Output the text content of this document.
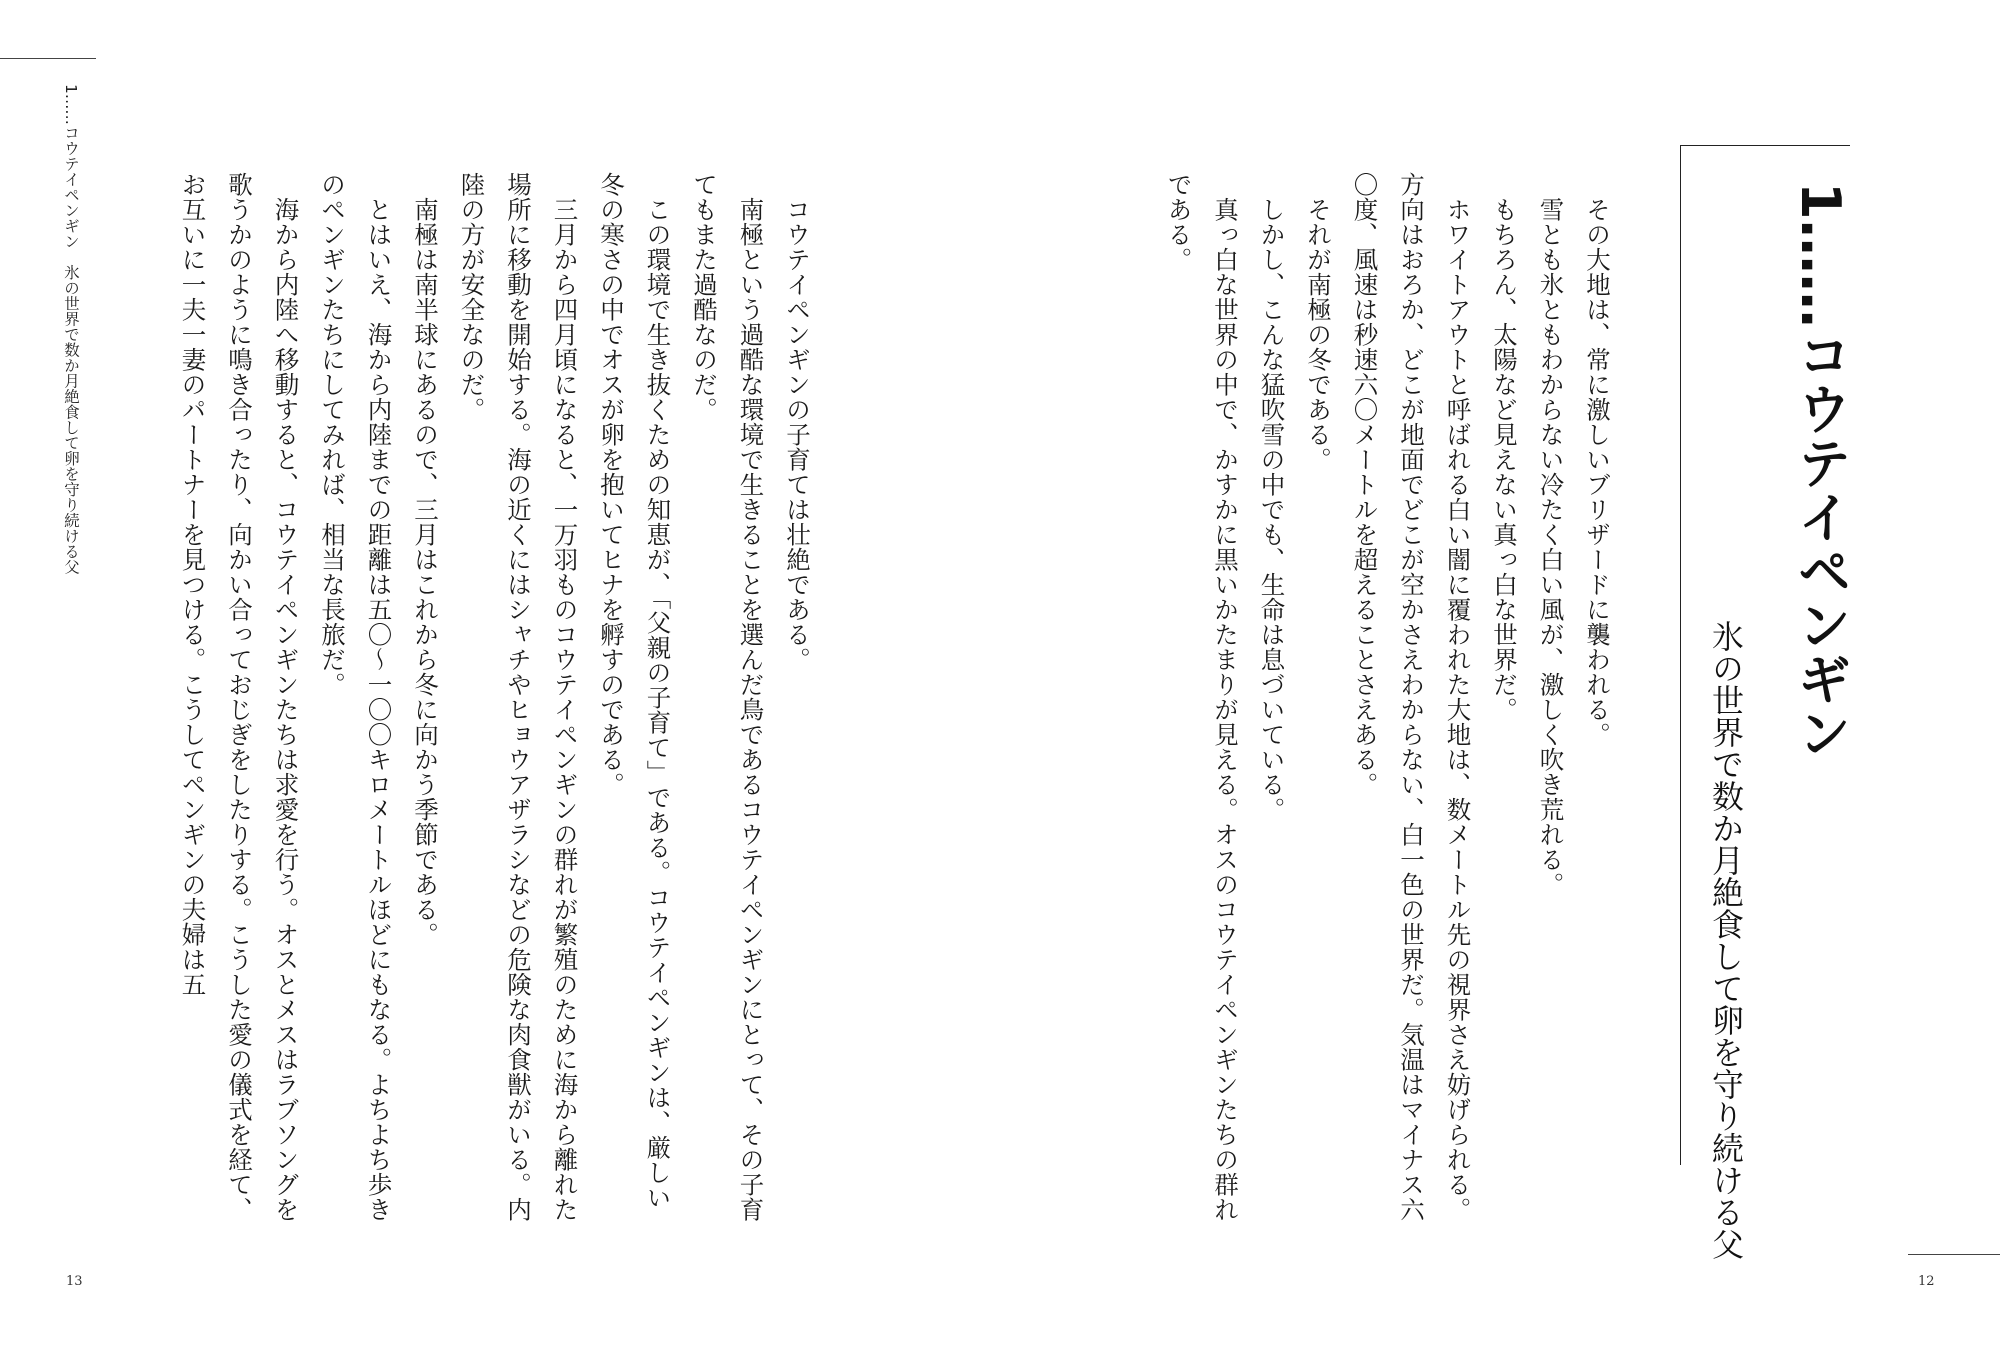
1……コウテイペンギン　氷の世界で数か月絶食して卵を守り続ける父	1……コウテイペンギン
氷の世界で数か月絶食して卵を守り続ける父

その大地は、常に激しいブリザードに襲われる。

雪とも氷ともわからない冷たく白い風が、激しく吹き荒れる。

もちろん、太陽など見えない真っ白な世界だ。

ホワイトアウトと呼ばれる白い闇に覆われた大地は、数メートル先の視界さえ妨げられる。方向はおろか、どこが地面でどこが空かさえわからない、白一色の世界だ。気温はマイナス六〇度、風速は秒速六〇メートルを超えることさえある。

それが南極の冬である。

しかし、こんな猛吹雪の中でも、生命は息づいている。

真っ白な世界の中で、かすかに黒いかたまりが見える。オスのコウテイペンギンたちの群れである。

コウテイペンギンの子育ては壮絶である。

南極という過酷な環境で生きることを選んだ鳥であるコウテイペンギンにとって、その子育てもまた過酷なのだ。

この環境で生き抜くための知恵が、「父親の子育て」である。コウテイペンギンは、厳しい冬の寒さの中でオスが卵を抱いてヒナを孵すのである。

三月から四月頃になると、一万羽ものコウテイペンギンの群れが繁殖のために海から離れた場所に移動を開始する。海の近くにはシャチやヒョウアザラシなどの危険な肉食獣がいる。内陸の方が安全なのだ。

南極は南半球にあるので、三月はこれから冬に向かう季節である。

とはいえ、海から内陸までの距離は五〇～一〇〇キロメートルほどにもなる。よちよち歩きのペンギンたちにしてみれば、相当な長旅だ。

海から内陸へ移動すると、コウテイペンギンたちは求愛を行う。オスとメスはラブソングを歌うかのように鳴き合ったり、向かい合っておじぎをしたりする。こうした愛の儀式を経て、お互いに一夫一妻のパートナーを見つける。こうしてペンギンの夫婦は五

13	12
